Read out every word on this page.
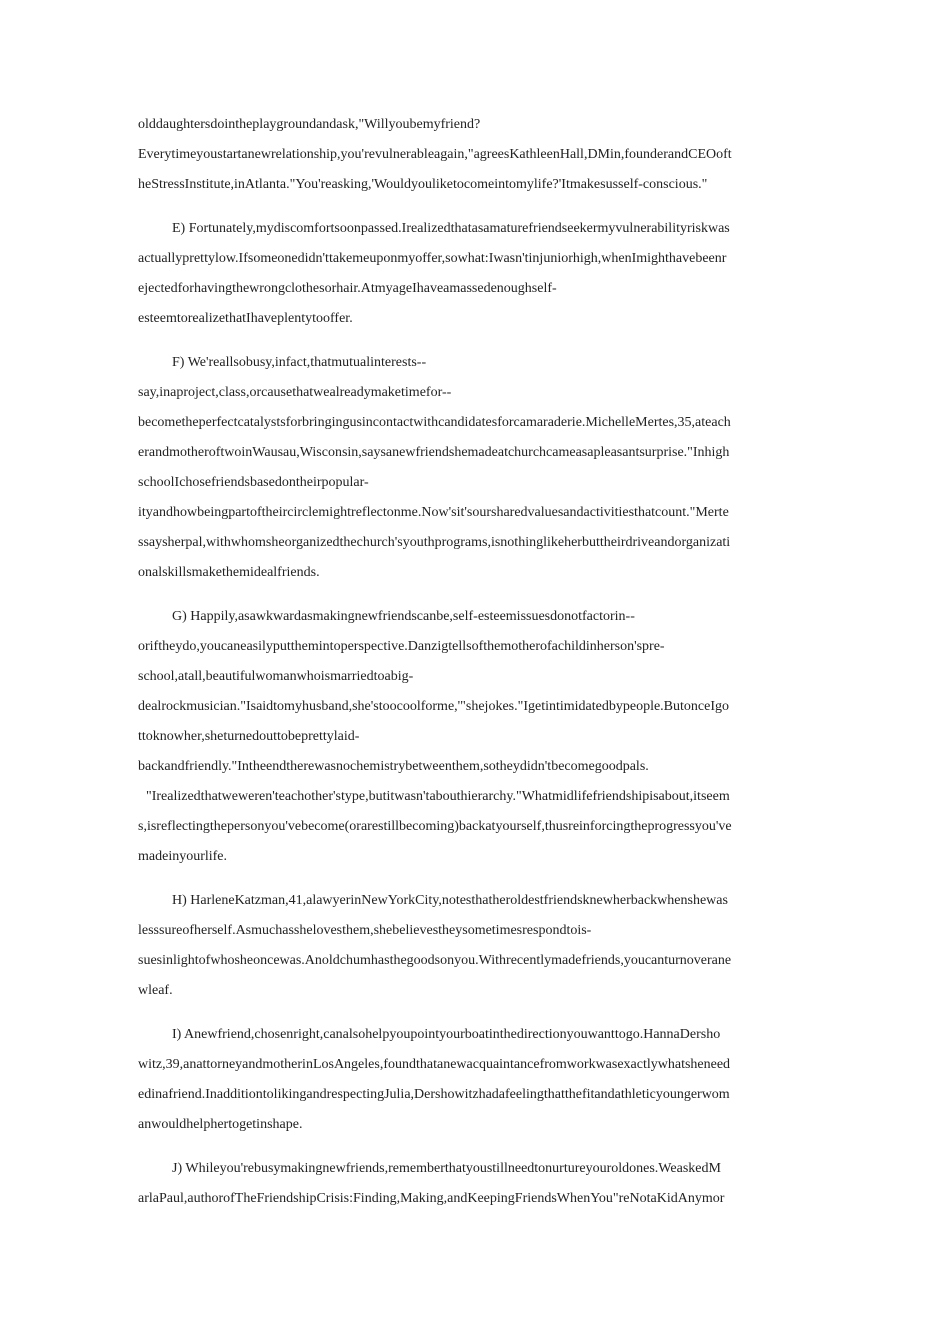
olddaughtersdointheplaygroundandask,"Willyoubemyfriend?
Everytimeyoustartanewrelationship,you'revulnerableagain,"agreesKathleenHall,DMin,founderandCEOoft
heStressInstitute,inAtlanta."You'reasking,'Wouldyouliketocomeintomylife?'Itmakesusself-conscious."
E) Fortunately,mydiscomfortsoonpassed.Irealizedthatasamaturefriendseekermyvulnerabilityriskwas
actuallyprettylow.Ifsomeonedidn'ttakemeuponmyoffer,sowhat:Iwasn'tinjuniorhigh,whenImighthavebeenr
ejectedforhavingthewrongclothesorhair.AtmyageIhaveamassedenoughself-
esteemtorealizethatIhaveplentytooffer.
F) We'reallsobusy,infact,thatmutualinterests--
say,inaproject,class,orcausethatwealreadymaketimefor--
becometheperfectcatalystsforbringingusincontactwithcandidatesforcamaraderie.MichelleMertes,35,ateach
erandmotheroftwoinWausau,Wisconsin,saysanewfriendshemadeatchurchcameasapleasantsurprise."Inhigh
schoolIchosefriendsbasedontheirpopular-
ityandhowbeingpartoftheircirclemightreflectonme.Now'sit'soursharedvaluesandactivitiesthatcount."Merte
ssaysherpal,withwhomsheorganizedthechurch'syouthprograms,isnothinglikeherbuttheirdriveandorganizati
onalskillsmakethemidealfriends.
G) Happily,asawkwardasmakingnewfriendscanbe,self-esteemissuesdonotfactorin--
oriftheydo,youcaneasilyputthemintoperspective.Danzigtellsofthemotherofachildinherson'spre-
school,atall,beautifulwomanwhoismarriedtoabig-
dealrockmusician."Isaidtomyhusband,she'stoocoolforme,'"shejokes."Igetintimidatedbypeople.ButonceIgo
ttoknowher,sheturnedouttobeprettylaid-
backandfriendly."Intheendtherewasnochemistrybetweenthem,sotheydidn'tbecomegoodpals.
"Irealizedthatweweren'teachother'stype,butitwasn'tabouthierarchy."Whatmidlifefriendshipisabout,itseem
s,isreflectingthepersonyou'vebecome(orarestillbecoming)backatyourself,thusreinforcingtheprogressyou've
madeinyourlife.
H) HarleneKatzman,41,alawyerinNewYorkCity,notesthatheroldestfriendsknewherbackwhenshewas
lesssureofherself.Asmuchasshelovesthem,shebelievestheysometimesrespondtois-
suesinlightofwhosheoncewas.Anoldchumhasthegoodsonyou.Withrecentlymadefriends,youcanturnoverane
wleaf.
I) Anewfriend,chosenright,canalsohelpyoupointyourboatinthedirectionyouwanttogo.HannaDersho
witz,39,anattorneyandmotherinLosAngeles,foundthatanewacquaintancefromworkwasexactlywhatsheneed
edinafriend.InadditiontolikingandrespectingJulia,Dershowitzhadafeelingthatthefitandathleticyoungerwom
anwouldhelphertogetinshape.
J) Whileyou'rebusymakingnewfriends,rememberthatyoustillneedtonurtureyouroldones.WeaskedM
arlaPaul,authorofTheFriendshipCrisis:Finding,Making,andKeepingFriendsWhenYou"reNotaKidAnymor
